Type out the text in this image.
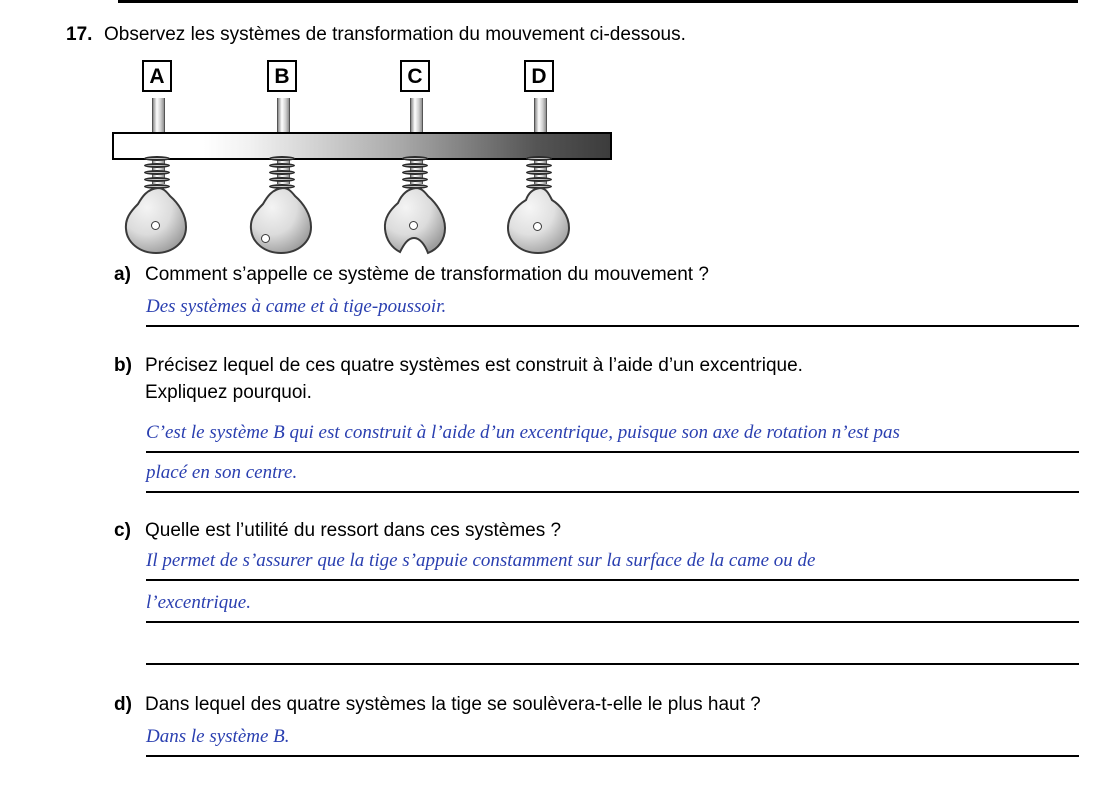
17. Observez les systèmes de transformation du mouvement ci-dessous.
A	B	C	D
a) Comment s’appelle ce système de transformation du mouvement ?
Des systèmes à came et à tige-poussoir.
b) Précisez lequel de ces quatre systèmes est construit à l’aide d’un excentrique.
Expliquez pourquoi.
C’est le système B qui est construit à l’aide d’un excentrique, puisque son axe de rotation n’est pas
placé en son centre.
c) Quelle est l’utilité du ressort dans ces systèmes ?
Il permet de s’assurer que la tige s’appuie constamment sur la surface de la came ou de
l’excentrique.
d) Dans lequel des quatre systèmes la tige se soulèvera-t-elle le plus haut ?
Dans le système B.
